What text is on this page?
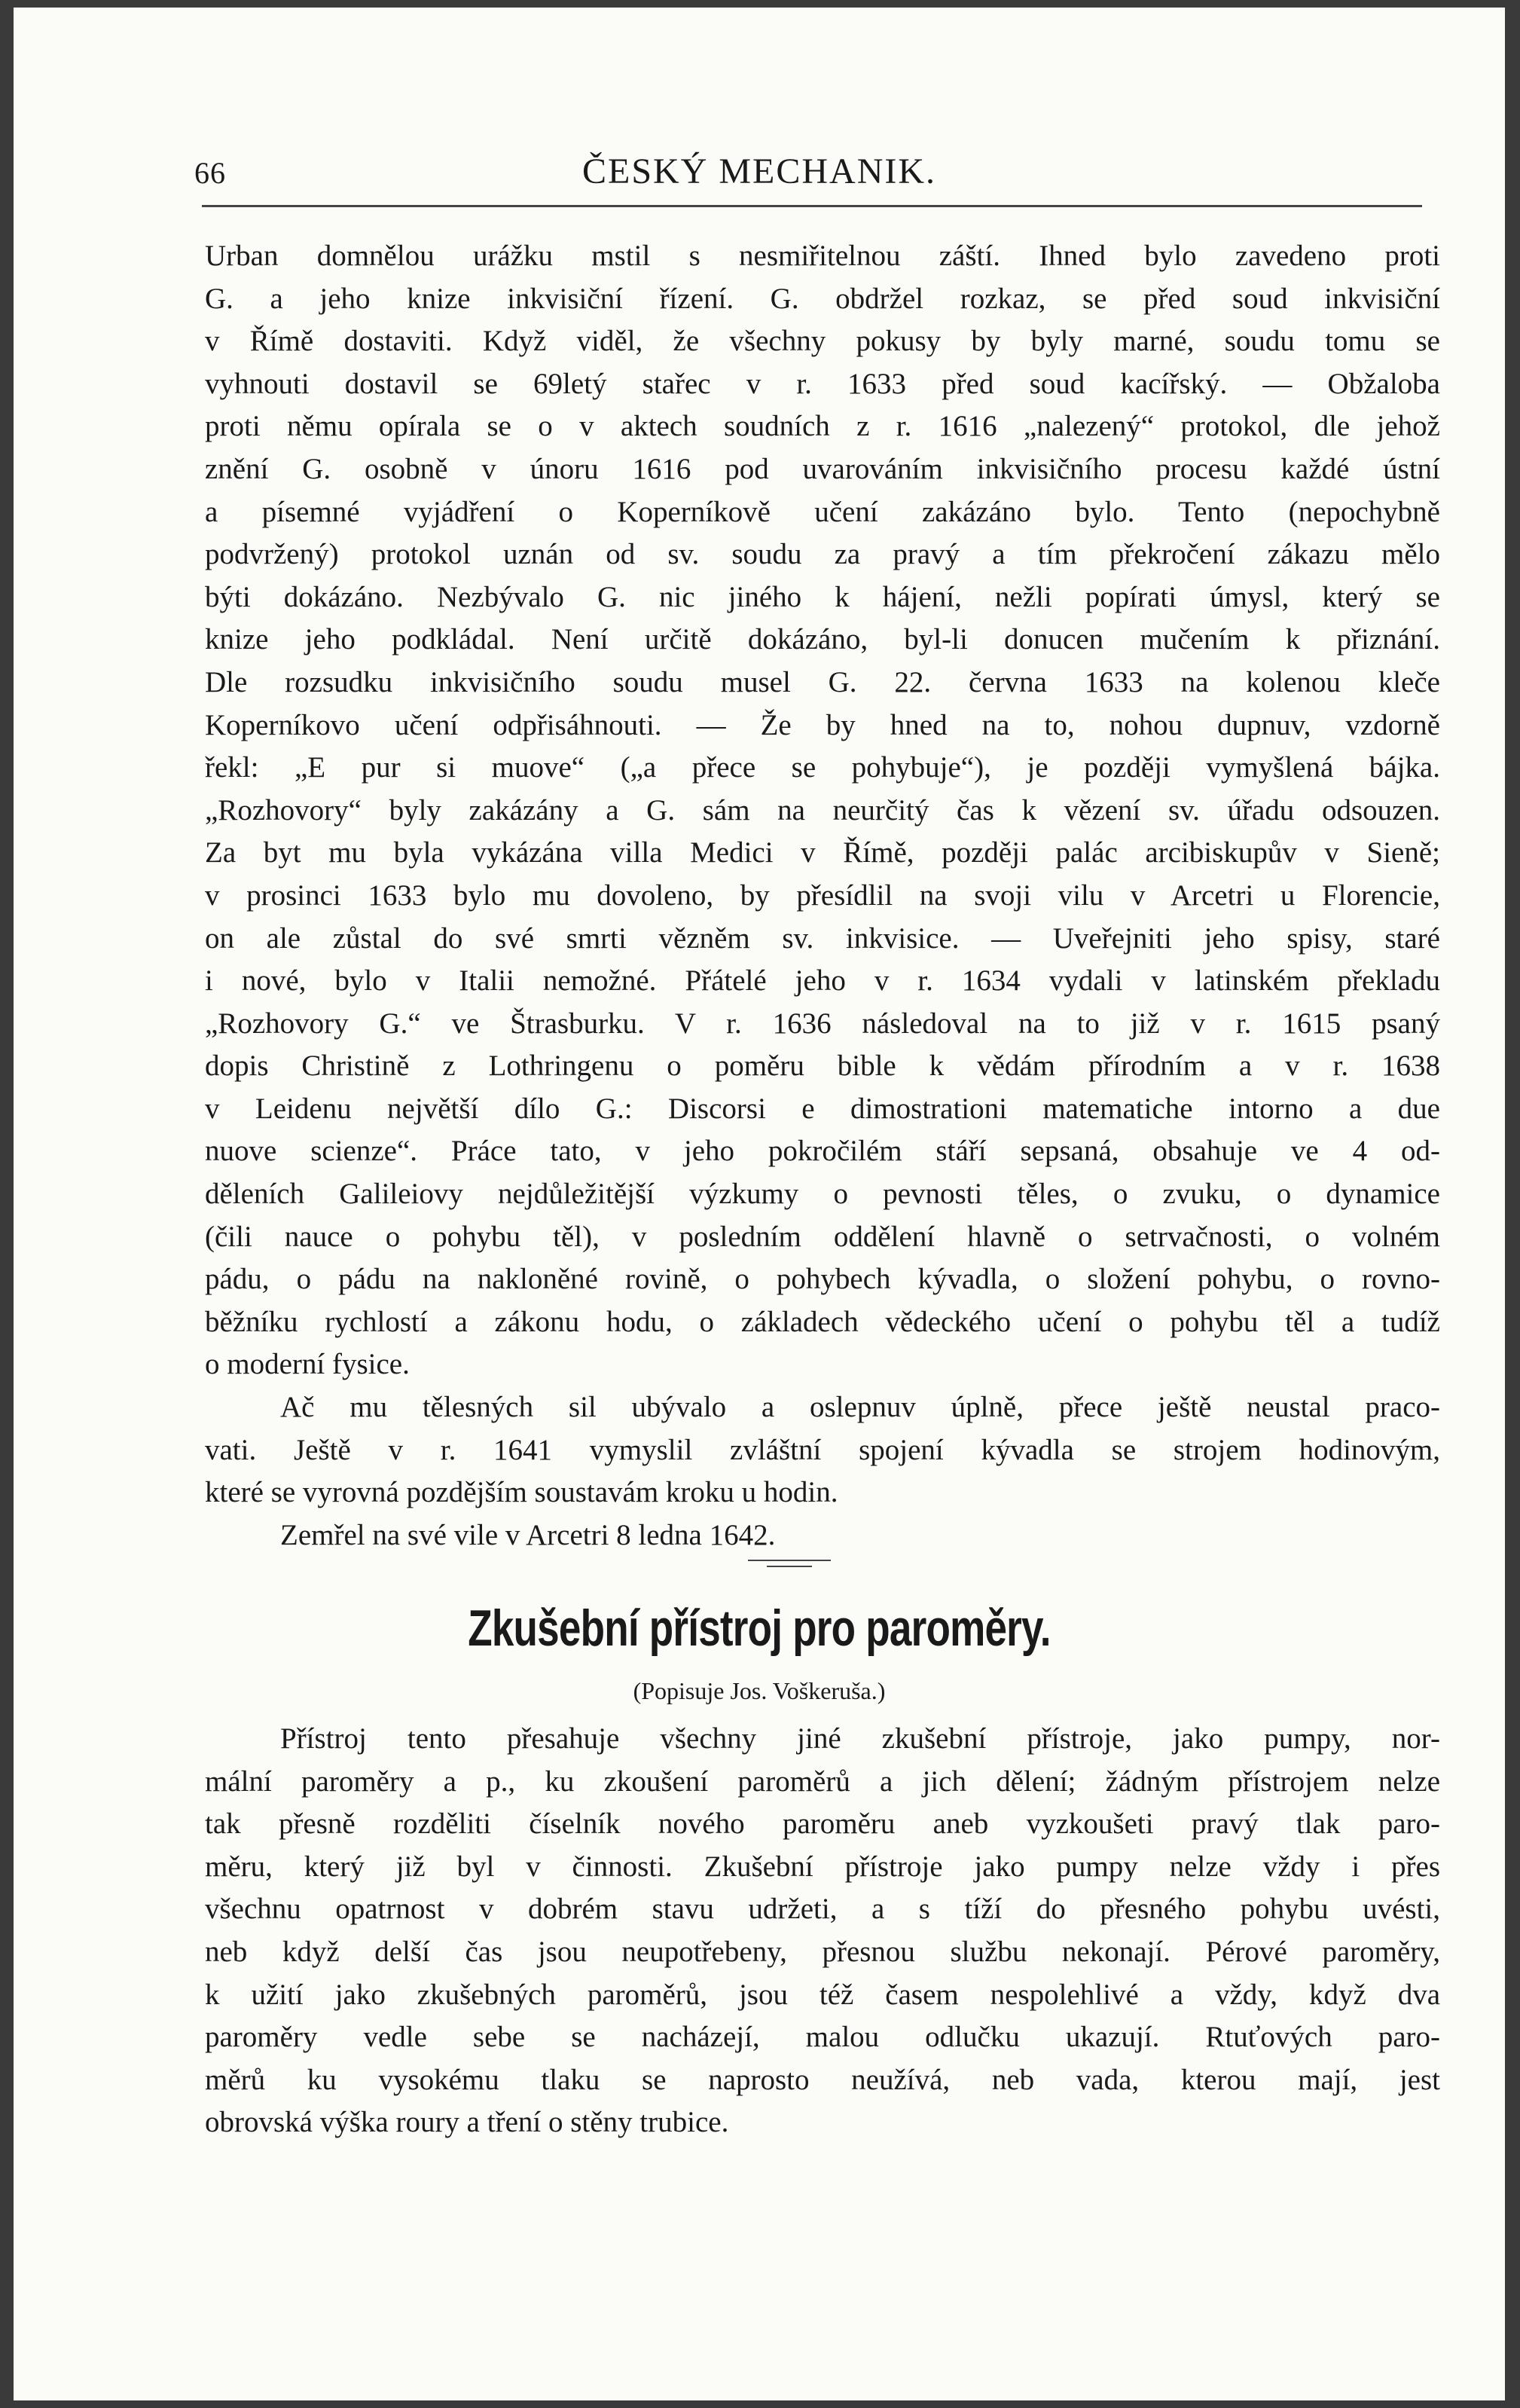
66	ČESKÝ MECHANIK.
Urban domnělou urážku mstil s nesmiřitelnou záští. Ihned bylo zavedeno proti
G. a jeho knize inkvisiční řízení. G. obdržel rozkaz, se před soud inkvisiční
v Římě dostaviti. Když viděl, že všechny pokusy by byly marné, soudu tomu se
vyhnouti dostavil se 69letý stařec v r. 1633 před soud kacířský. — Obžaloba
proti němu opírala se o v aktech soudních z r. 1616 „nalezený“ protokol, dle jehož
znění G. osobně v únoru 1616 pod uvarováním inkvisičního procesu každé ústní
a písemné vyjádření o Koperníkově učení zakázáno bylo. Tento (nepochybně
podvržený) protokol uznán od sv. soudu za pravý a tím překročení zákazu mělo
býti dokázáno. Nezbývalo G. nic jiného k hájení, nežli popírati úmysl, který se
knize jeho podkládal. Není určitě dokázáno, byl-li donucen mučením k přiznání.
Dle rozsudku inkvisičního soudu musel G. 22. června 1633 na kolenou kleče
Koperníkovo učení odpřisáhnouti. — Že by hned na to, nohou dupnuv, vzdorně
řekl: „E pur si muove“ („a přece se pohybuje“), je později vymyšlená bájka.
„Rozhovory“ byly zakázány a G. sám na neurčitý čas k vězení sv. úřadu odsouzen.
Za byt mu byla vykázána villa Medici v Římě, později palác arcibiskupův v Sieně;
v prosinci 1633 bylo mu dovoleno, by přesídlil na svoji vilu v Arcetri u Florencie,
on ale zůstal do své smrti vězněm sv. inkvisice. — Uveřejniti jeho spisy, staré
i nové, bylo v Italii nemožné. Přátelé jeho v r. 1634 vydali v latinském překladu
„Rozhovory G.“ ve Štrasburku. V r. 1636 následoval na to již v r. 1615 psaný
dopis Christině z Lothringenu o poměru bible k vědám přírodním a v r. 1638
v Leidenu největší dílo G.: Discorsi e dimostrationi matematiche intorno a due
nuove scienze“. Práce tato, v jeho pokročilém stáří sepsaná, obsahuje ve 4 od-
děleních Galileiovy nejdůležitější výzkumy o pevnosti těles, o zvuku, o dynamice
(čili nauce o pohybu těl), v posledním oddělení hlavně o setrvačnosti, o volném
pádu, o pádu na nakloněné rovině, o pohybech kývadla, o složení pohybu, o rovno-
běžníku rychlostí a zákonu hodu, o základech vědeckého učení o pohybu těl a tudíž
o moderní fysice.
Ač mu tělesných sil ubývalo a oslepnuv úplně, přece ještě neustal praco-
vati. Ještě v r. 1641 vymyslil zvláštní spojení kývadla se strojem hodinovým,
které se vyrovná pozdějším soustavám kroku u hodin.
Zemřel na své vile v Arcetri 8 ledna 1642.
Zkušební přístroj pro paroměry.
(Popisuje Jos. Voškeruša.)
Přístroj tento přesahuje všechny jiné zkušební přístroje, jako pumpy, nor-
mální paroměry a p., ku zkoušení paroměrů a jich dělení; žádným přístrojem nelze
tak přesně rozděliti číselník nového paroměru aneb vyzkoušeti pravý tlak paro-
měru, který již byl v činnosti. Zkušební přístroje jako pumpy nelze vždy i přes
všechnu opatrnost v dobrém stavu udržeti, a s tíží do přesného pohybu uvésti,
neb když delší čas jsou neupotřebeny, přesnou službu nekonají. Pérové paroměry,
k užití jako zkušebných paroměrů, jsou též časem nespolehlivé a vždy, když dva
paroměry vedle sebe se nacházejí, malou odlučku ukazují. Rtuťových paro-
měrů ku vysokému tlaku se naprosto neužívá, neb vada, kterou mají, jest
obrovská výška roury a tření o stěny trubice.
